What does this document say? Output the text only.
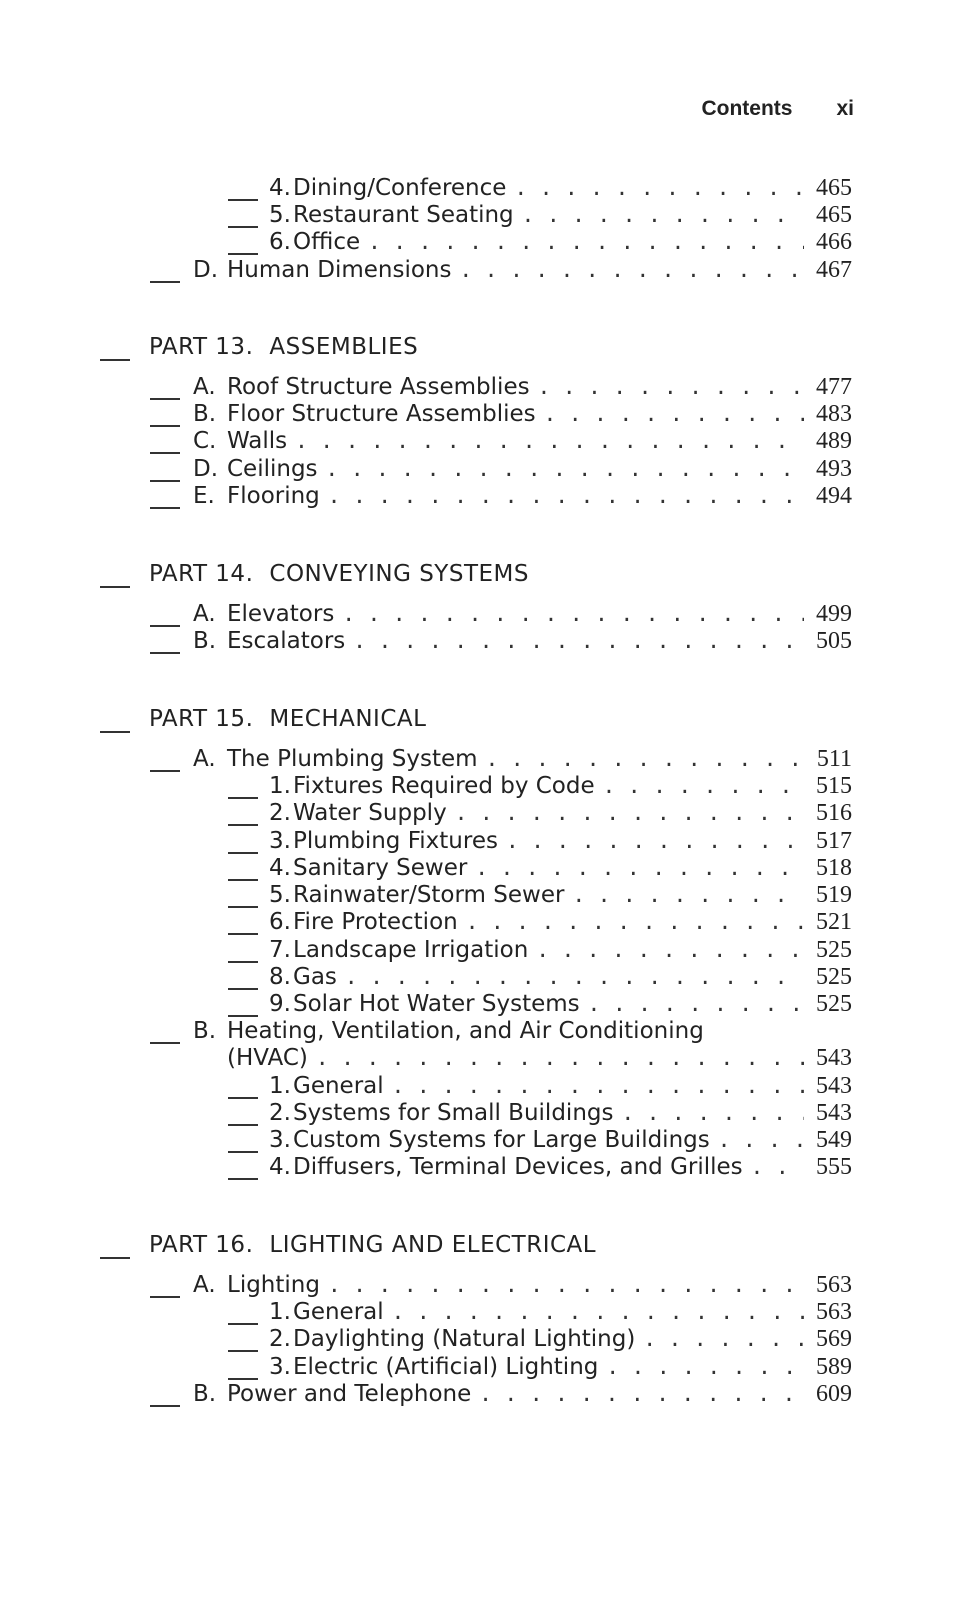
Contents xi
4.Dining/Conference . . .	465
5.Restaurant Seating . . .	465
6.Office . . .	466
D. Human Dimensions . . .	467
PART 13. ASSEMBLIES
A. Roof Structure Assemblies . . .	477
B. Floor Structure Assemblies . . .	483
C. Walls . . .	489
D. Ceilings . . .	493
E. Flooring . . .	494
PART 14. CONVEYING SYSTEMS
A. Elevators . . .	499
B. Escalators . . .	505
PART 15. MECHANICAL
A. The Plumbing System . . .	511
1.Fixtures Required by Code . . .	515
2.Water Supply . . .	516
3.Plumbing Fixtures . . .	517
4.Sanitary Sewer . . .	518
5.Rainwater/Storm Sewer . . .	519
6.Fire Protection . . .	521
7.Landscape Irrigation . . .	525
8.Gas . . .	525
9.Solar Hot Water Systems . . .	525
B. Heating, Ventilation, and Air Conditioning
(HVAC) . . .	543
1.General . . .	543
2.Systems for Small Buildings . . .	543
3.Custom Systems for Large Buildings . . .	549
4.Diffusers, Terminal Devices, and Grilles . . .	555
PART 16. LIGHTING AND ELECTRICAL
A. Lighting . . .	563
1.General . . .	563
2.Daylighting (Natural Lighting) . . .	569
3.Electric (Artificial) Lighting . . .	589
B. Power and Telephone . . .	609
